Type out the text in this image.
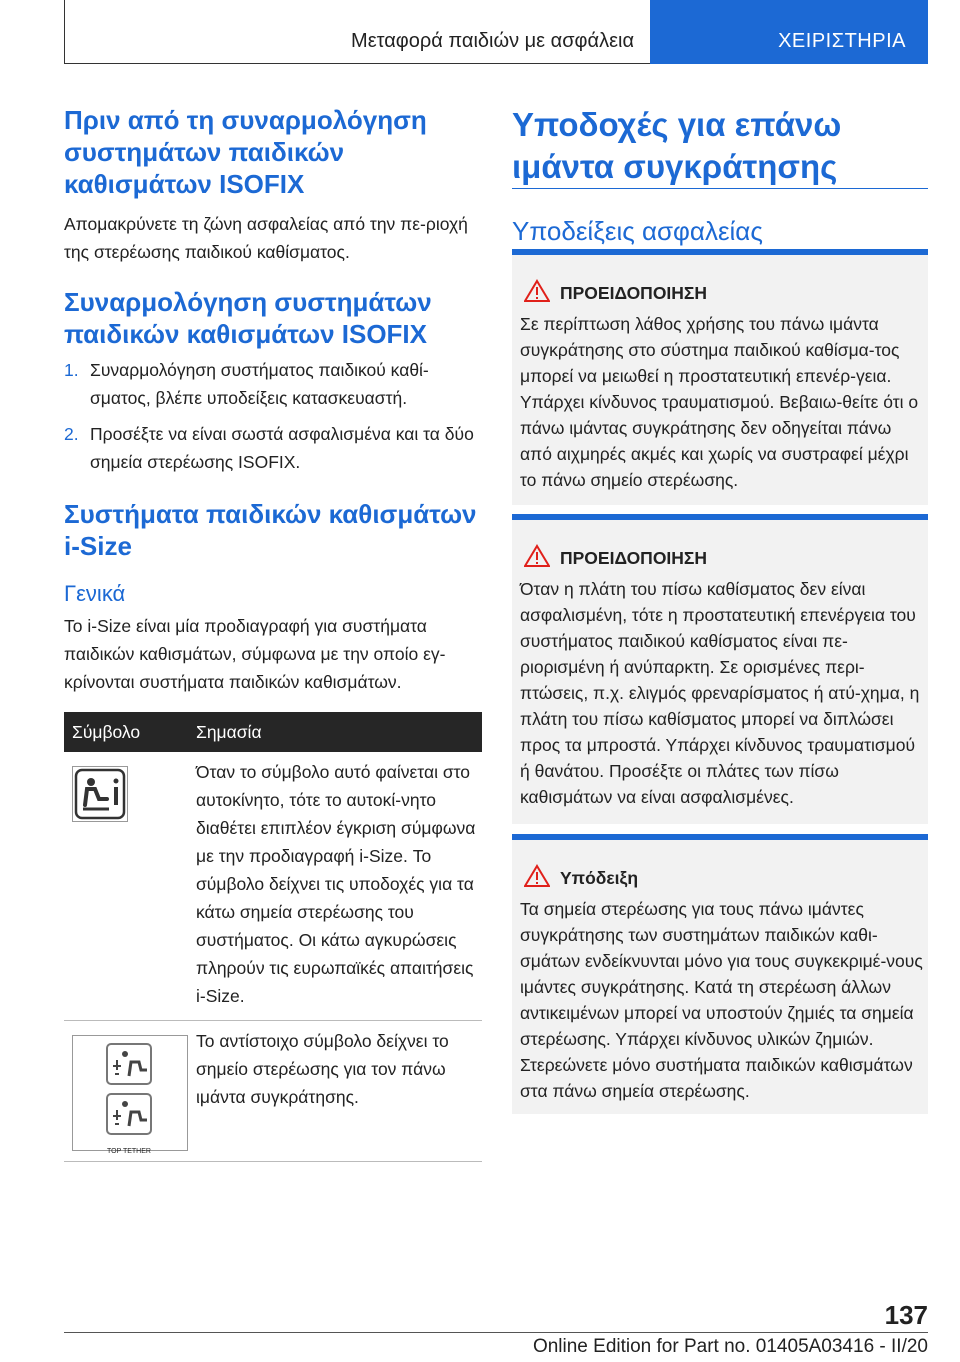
Μεταφορά παιδιών με ασφάλεια	ΧΕΙΡΙΣΤΗΡΙΑ
Πριν από τη συναρμολόγηση συστημάτων παιδικών καθισμάτων ISOFIX

Απομακρύνετε τη ζώνη ασφαλείας από την πε‐ριοχή της στερέωσης παιδικού καθίσματος.

Συναρμολόγηση συστημάτων παιδικών καθισμάτων ISOFIX
1. Συναρμολόγηση συστήματος παιδικού καθί‐σματος, βλέπε υποδείξεις κατασκευαστή.
2. Προσέξτε να είναι σωστά ασφαλισμένα και τα δύο σημεία στερέωσης ISOFIX.
Συστήματα παιδικών καθισμάτων i-Size
Γενικά

Το i-Size είναι μία προδιαγραφή για συστήματα παιδικών καθισμάτων, σύμφωνα με την οποίο εγ‐κρίνονται συστήματα παιδικών καθισμάτων.

Σύμβολο	Σημασία

	Όταν το σύμβολο αυτό φαίνεται στο αυτοκίνητο, τότε το αυτοκί‐νητο διαθέτει επιπλέον έγκριση σύμφωνα με την προδιαγραφή i-Size. Το σύμβολο δείχνει τις υποδοχές για τα κάτω σημεία στερέωσης του συστήματος. Οι κάτω αγκυρώσεις πληρούν τις ευρωπαϊκές απαιτήσεις i-Size.

TOP TETHER	Το αντίστοιχο σύμβολο δείχνει το σημείο στερέωσης για τον πάνω ιμάντα συγκράτησης.
Υποδοχές για επάνω ιμάντα συγκράτησης
Υποδείξεις ασφαλείας
ΠΡΟΕΙΔΟΠΟΙΗΣΗ
Σε περίπτωση λάθος χρήσης του πάνω ιμάντα συγκράτησης στο σύστημα παιδικού καθίσμα‐τος μπορεί να μειωθεί η προστατευτική επενέρ‐γεια. Υπάρχει κίνδυνος τραυματισμού. Βεβαιω‐θείτε ότι ο πάνω ιμάντας συγκράτησης δεν οδηγείται πάνω από αιχμηρές ακμές και χωρίς να συστραφεί μέχρι το πάνω σημείο στερέωσης.
ΠΡΟΕΙΔΟΠΟΙΗΣΗ
Όταν η πλάτη του πίσω καθίσματος δεν είναι ασφαλισμένη, τότε η προστατευτική επενέργεια του συστήματος παιδικού καθίσματος είναι πε‐ριορισμένη ή ανύπαρκτη. Σε ορισμένες περι‐πτώσεις, π.χ. ελιγμός φρεναρίσματος ή ατύ‐χημα, η πλάτη του πίσω καθίσματος μπορεί να διπλώσει προς τα μπροστά. Υπάρχει κίνδυνος τραυματισμού ή θανάτου. Προσέξτε οι πλάτες των πίσω καθισμάτων να είναι ασφαλισμένες.
Υπόδειξη
Τα σημεία στερέωσης για τους πάνω ιμάντες συγκράτησης των συστημάτων παιδικών καθι‐σμάτων ενδείκνυνται μόνο για τους συγκεκριμέ‐νους ιμάντες συγκράτησης. Κατά τη στερέωση άλλων αντικειμένων μπορεί να υποστούν ζημιές τα σημεία στερέωσης. Υπάρχει κίνδυνος υλικών ζημιών. Στερεώνετε μόνο συστήματα παιδικών καθισμάτων στα πάνω σημεία στερέωσης.
137
Online Edition for Part no. 01405A03416 - II/20
